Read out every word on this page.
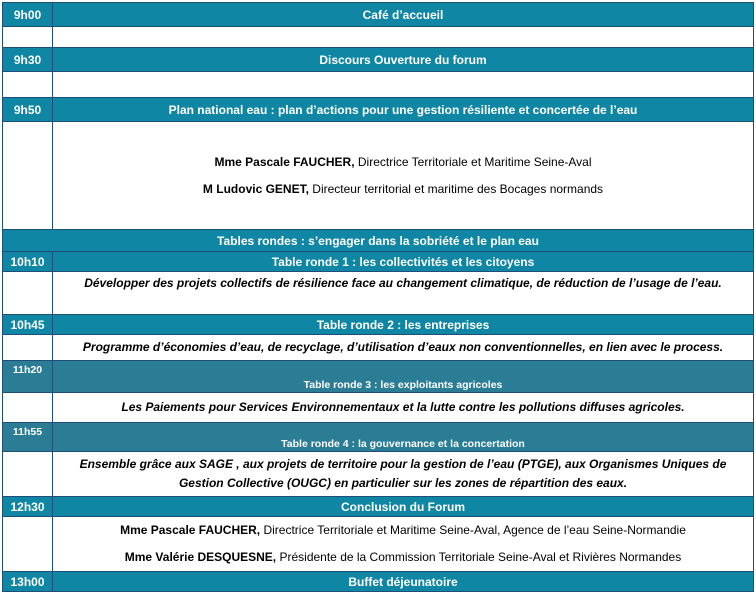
9h00	Café d’accueil

9h30	Discours Ouverture du forum

9h50	Plan national eau : plan d’actions pour une gestion résiliente et concertée de l’eau

	Mme Pascale FAUCHER, Directrice Territoriale et Maritime Seine-Aval

M Ludovic GENET, Directeur territorial et maritime des Bocages normands

Tables rondes : s’engager dans la sobriété et le plan eau	
10h10	Table ronde 1 : les collectivités et les citoyens
	Développer des projets collectifs de résilience face au changement climatique, de réduction de l’usage de l’eau.
10h45	Table ronde 2 : les entreprises
	Programme d’économies d’eau, de recyclage, d’utilisation d’eaux non conventionnelles, en lien avec le process.
11h20	Table ronde 3 : les exploitants agricoles
	Les Paiements pour Services Environnementaux et la lutte contre les pollutions diffuses agricoles.
11h55	Table ronde 4 : la gouvernance et la concertation
	Ensemble grâce aux SAGE , aux projets de territoire pour la gestion de l’eau (PTGE), aux Organismes Uniques de Gestion Collective (OUGC) en particulier sur les zones de répartition des eaux.
12h30	Conclusion du Forum

	Mme Pascale FAUCHER, Directrice Territoriale et Maritime Seine-Aval, Agence de l’eau Seine-Normandie

Mme Valérie DESQUESNE, Présidente de la Commission Territoriale Seine-Aval et Rivières Normandes

13h00	Buffet déjeunatoire
